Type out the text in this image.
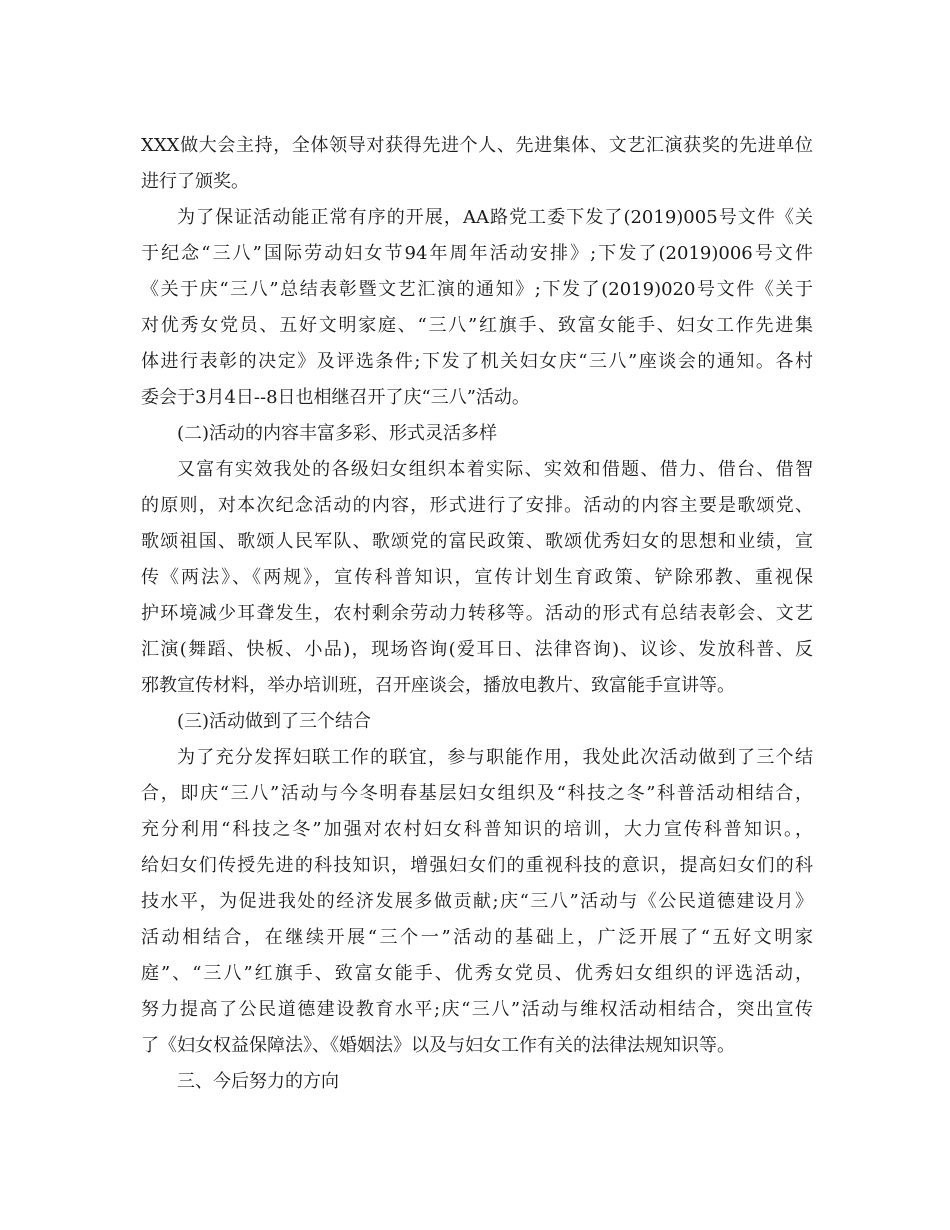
XXX做大会主持，全体领导对获得先进个人、先进集体、文艺汇演获奖的先进单位
进行了颁奖。
为了保证活动能正常有序的开展，AA路党工委下发了(2019)005号文件《关
于纪念“三八”国际劳动妇女节94年周年活动安排》;下发了(2019)006号文件
《关于庆“三八”总结表彰暨文艺汇演的通知》;下发了(2019)020号文件《关于
对优秀女党员、五好文明家庭、“三八”红旗手、致富女能手、妇女工作先进集
体进行表彰的决定》及评选条件;下发了机关妇女庆“三八”座谈会的通知。各村
委会于3月4日--8日也相继召开了庆“三八”活动。
(二)活动的内容丰富多彩、形式灵活多样
又富有实效我处的各级妇女组织本着实际、实效和借题、借力、借台、借智
的原则，对本次纪念活动的内容，形式进行了安排。活动的内容主要是歌颂党、
歌颂祖国、歌颂人民军队、歌颂党的富民政策、歌颂优秀妇女的思想和业绩，宣
传《两法》、《两规》，宣传科普知识，宣传计划生育政策、铲除邪教、重视保
护环境减少耳聋发生，农村剩余劳动力转移等。活动的形式有总结表彰会、文艺
汇演(舞蹈、快板、小品)，现场咨询(爱耳日、法律咨询)、议诊、发放科普、反
邪教宣传材料，举办培训班，召开座谈会，播放电教片、致富能手宣讲等。
(三)活动做到了三个结合
为了充分发挥妇联工作的联宜，参与职能作用，我处此次活动做到了三个结
合，即庆“三八”活动与今冬明春基层妇女组织及“科技之冬”科普活动相结合，
充分利用“科技之冬”加强对农村妇女科普知识的培训，大力宣传科普知识。，
给妇女们传授先进的科技知识，增强妇女们的重视科技的意识，提高妇女们的科
技水平，为促进我处的经济发展多做贡献;庆“三八”活动与《公民道德建设月》
活动相结合，在继续开展“三个一”活动的基础上，广泛开展了“五好文明家
庭”、“三八”红旗手、致富女能手、优秀女党员、优秀妇女组织的评选活动，
努力提高了公民道德建设教育水平;庆“三八”活动与维权活动相结合，突出宣传
了《妇女权益保障法》、《婚姻法》以及与妇女工作有关的法律法规知识等。
三、今后努力的方向
